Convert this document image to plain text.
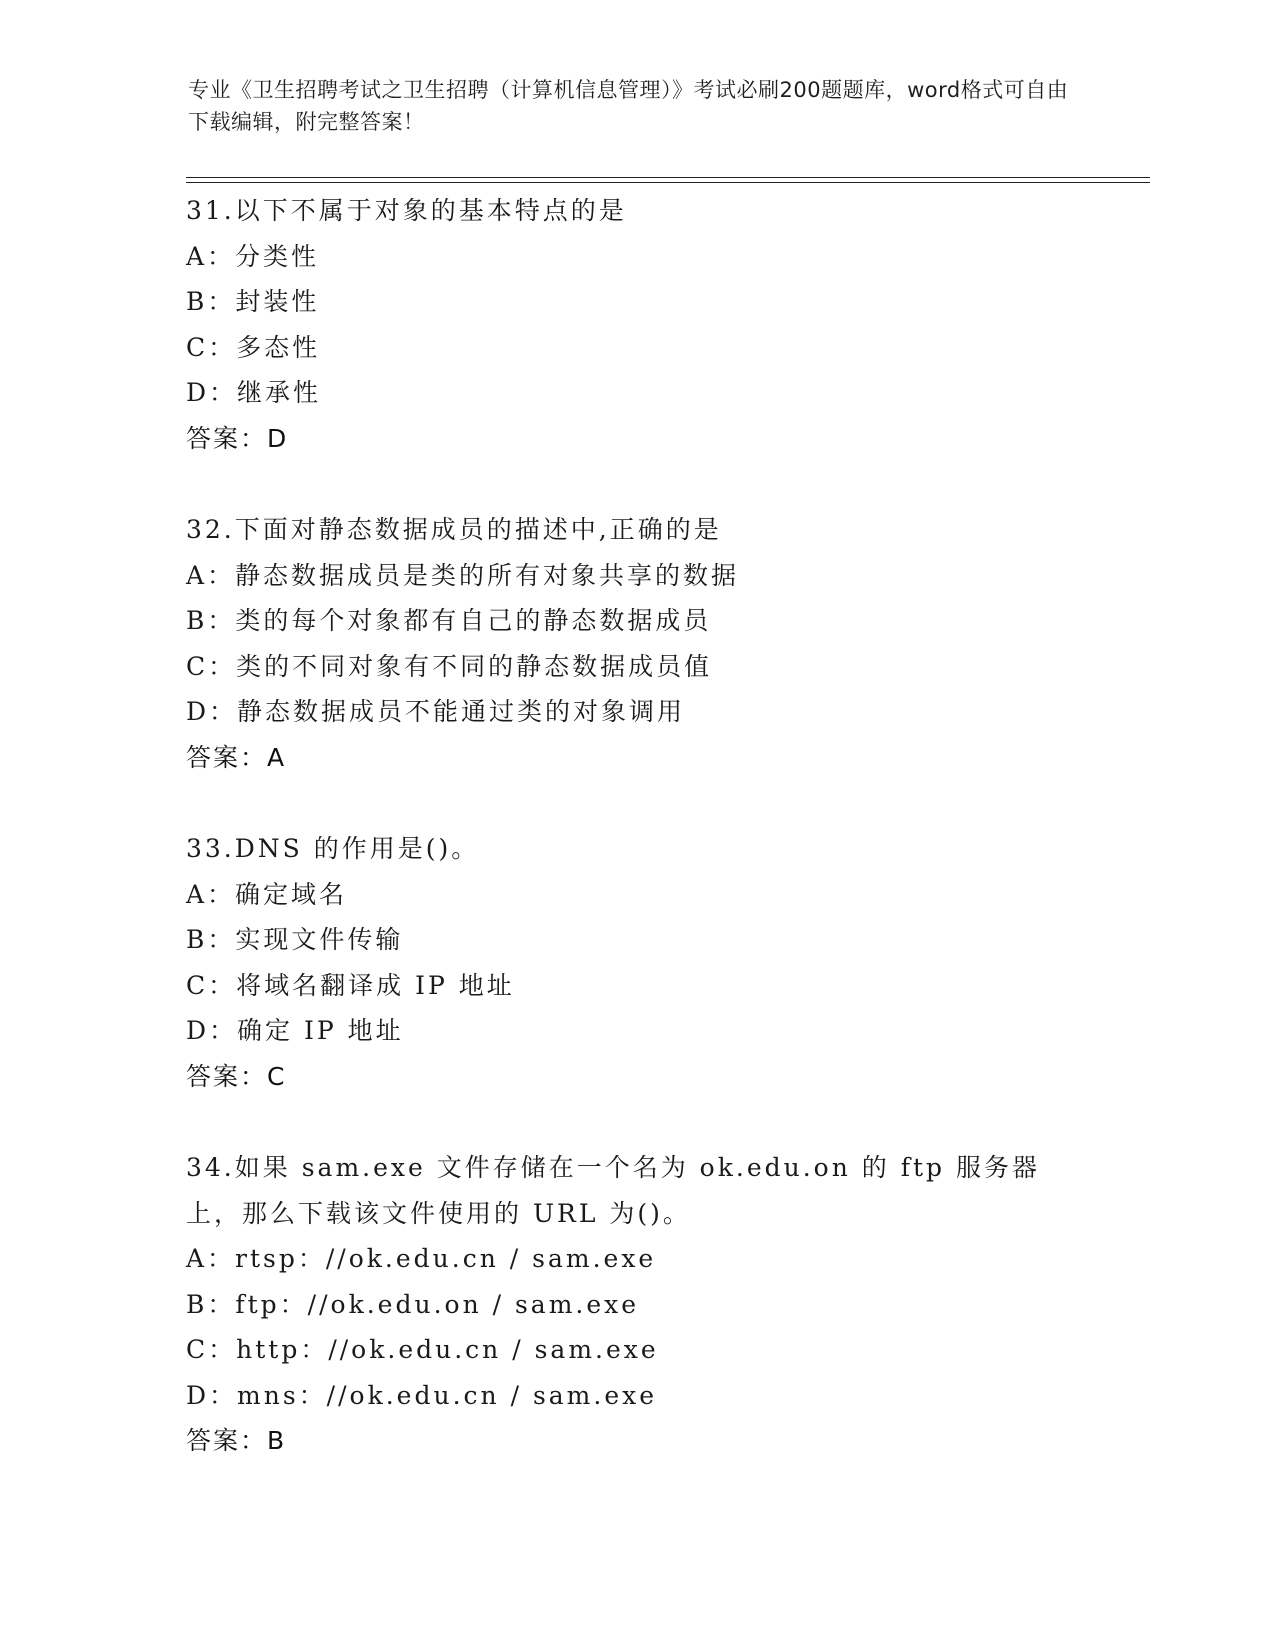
专业《卫生招聘考试之卫生招聘（计算机信息管理）》考试必刷200题题库，word格式可自由下载编辑，附完整答案！
31.以下不属于对象的基本特点的是
A：分类性
B：封装性
C：多态性
D：继承性
答案：D
32.下面对静态数据成员的描述中,正确的是
A：静态数据成员是类的所有对象共享的数据
B：类的每个对象都有自己的静态数据成员
C：类的不同对象有不同的静态数据成员值
D：静态数据成员不能通过类的对象调用
答案：A
33.DNS 的作用是()。
A：确定域名
B：实现文件传输
C：将域名翻译成 IP 地址
D：确定 IP 地址
答案：C
34.如果 sam.exe 文件存储在一个名为 ok.edu.on 的 ftp 服务器上，那么下载该文件使用的 URL 为()。
A：rtsp：//ok.edu.cn / sam.exe
B：ftp：//ok.edu.on / sam.exe
C：http：//ok.edu.cn / sam.exe
D：mns：//ok.edu.cn / sam.exe
答案：B
